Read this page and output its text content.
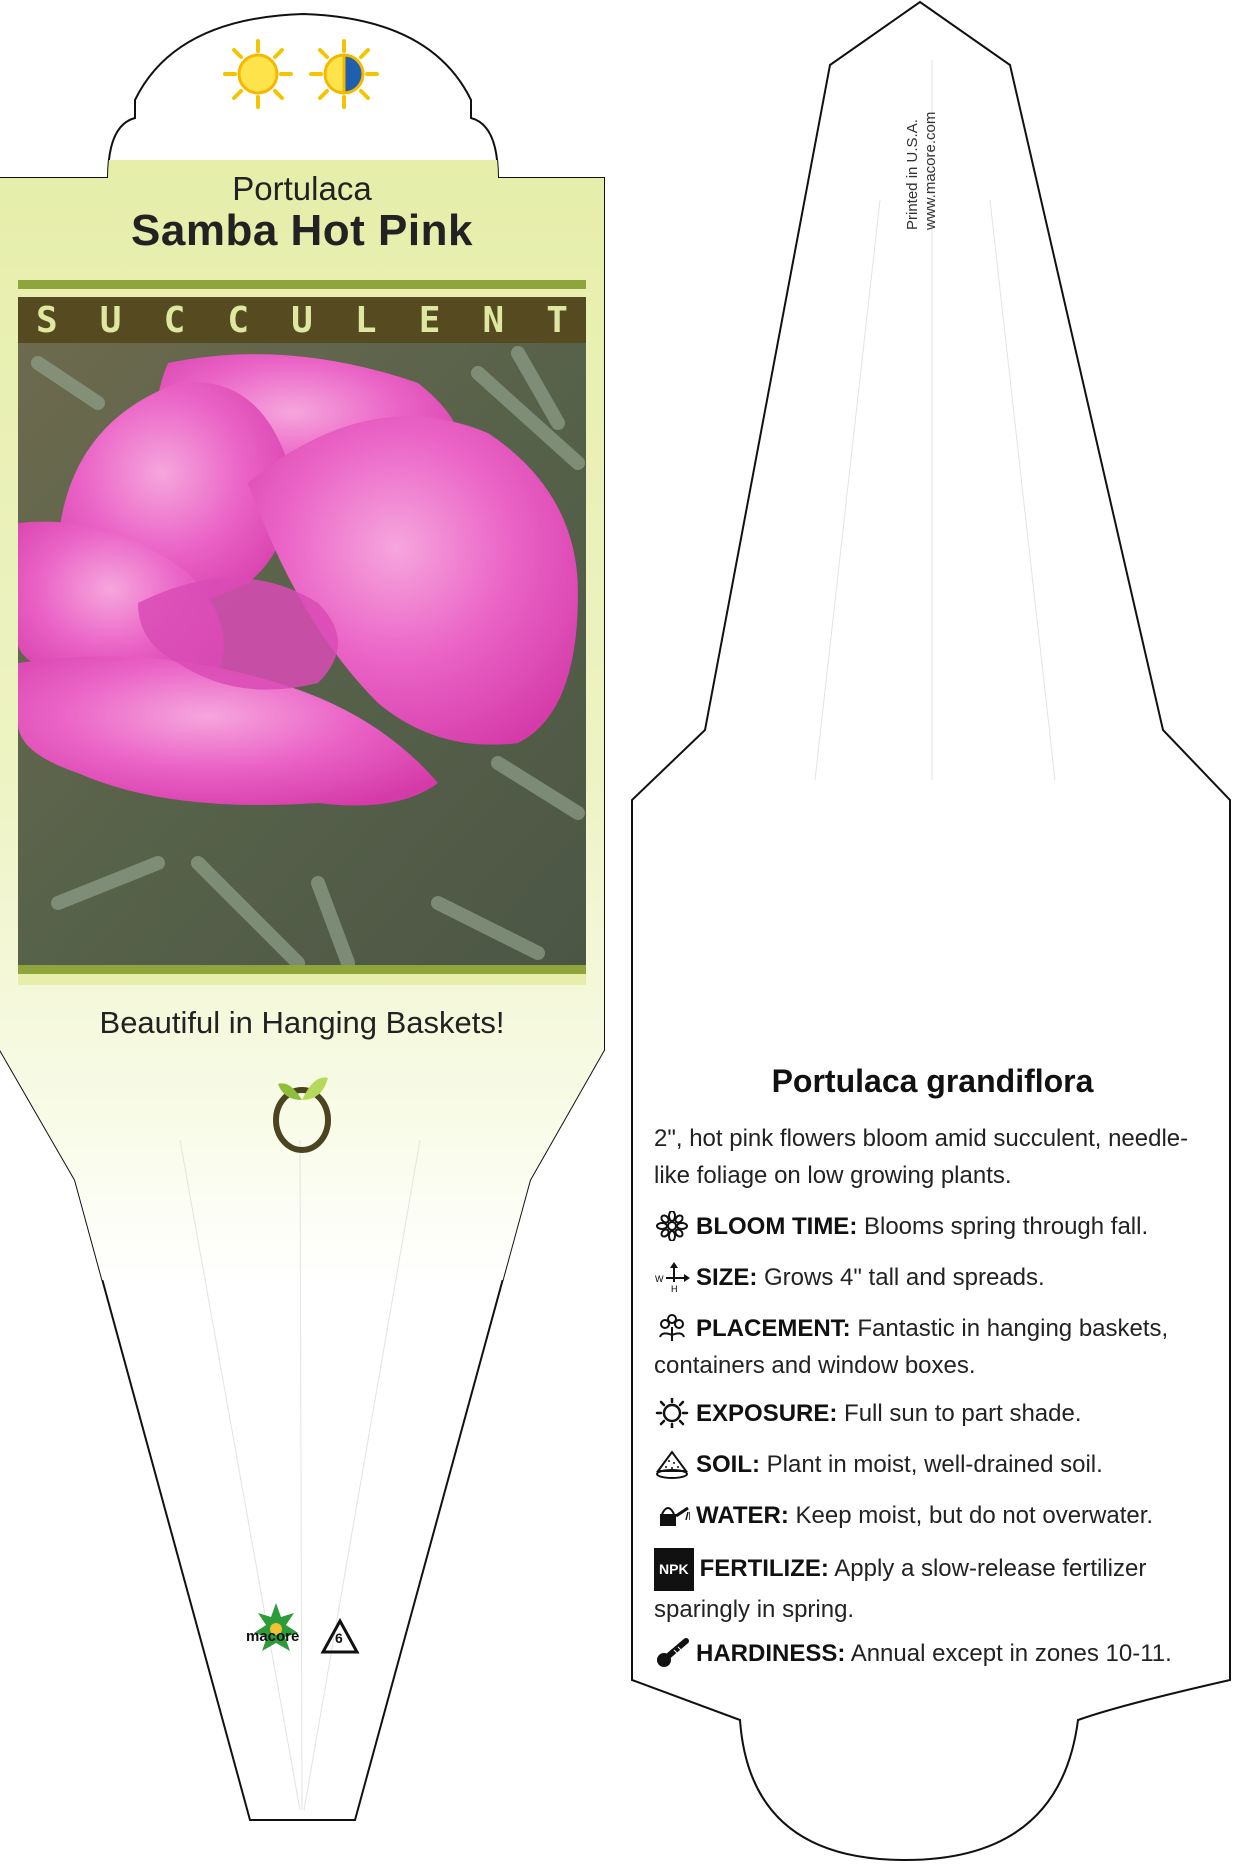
Portulaca
Samba Hot Pink
S U C C U L E N T
Beautiful in Hanging Baskets!
macore	6
Printed in U.S.A. www.macore.com
Portulaca grandiflora
2", hot pink flowers bloom amid succulent, needle-like foliage on low growing plants.
BLOOM TIME: Blooms spring through fall.
W
H SIZE: Grows 4" tall and spreads.
PLACEMENT: Fantastic in hanging baskets, containers and window boxes.
EXPOSURE: Full sun to part shade.
SOIL: Plant in moist, well-drained soil.
WATER: Keep moist, but do not overwater.
NPK FERTILIZE: Apply a slow-release fertilizer sparingly in spring.
HARDINESS: Annual except in zones 10-11.
